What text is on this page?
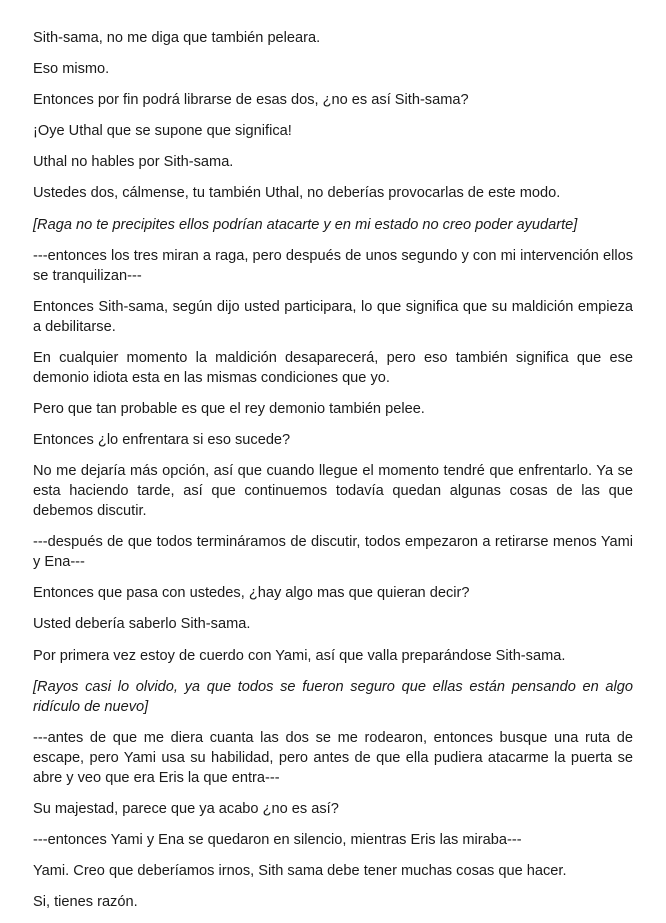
Sith-sama, no me diga que también peleara.

Eso mismo.

Entonces por fin podrá librarse de esas dos, ¿no es así Sith-sama?

¡Oye Uthal que se supone que significa!

Uthal no hables por Sith-sama.

Ustedes dos, cálmense, tu también Uthal, no deberías provocarlas de este modo.

[Raga no te precipites ellos podrían atacarte y en mi estado no creo poder ayudarte]

---entonces los tres miran a raga, pero después de unos segundo y con mi intervención ellos se tranquilizan---

Entonces Sith-sama, según dijo usted participara, lo que significa que su maldición empieza a debilitarse.

En cualquier momento la maldición desaparecerá, pero eso también significa que ese demonio idiota esta en las mismas condiciones que yo.

Pero que tan probable es que el rey demonio también pelee.

Entonces ¿lo enfrentara si eso sucede?

No me dejaría más opción, así que cuando llegue el momento tendré que enfrentarlo. Ya se esta haciendo tarde, así que continuemos todavía quedan algunas cosas de las que debemos discutir.

---después de que todos termináramos de discutir, todos empezaron a retirarse menos Yami y Ena---

Entonces que pasa con ustedes, ¿hay algo mas que quieran decir?

Usted debería saberlo Sith-sama.

Por primera vez estoy de cuerdo con Yami, así que valla preparándose Sith-sama.

[Rayos casi lo olvido, ya que todos se fueron seguro que ellas están pensando en algo ridículo de nuevo]

---antes de que me diera cuanta las dos se me rodearon, entonces busque una ruta de escape, pero Yami usa su habilidad, pero antes de que ella pudiera atacarme la puerta se abre y veo que era Eris la que entra---

Su majestad, parece que ya acabo ¿no es así?

---entonces Yami y Ena se quedaron en silencio, mientras Eris las miraba---

Yami. Creo que deberíamos irnos, Sith sama debe tener muchas cosas que hacer.

Si, tienes razón.
